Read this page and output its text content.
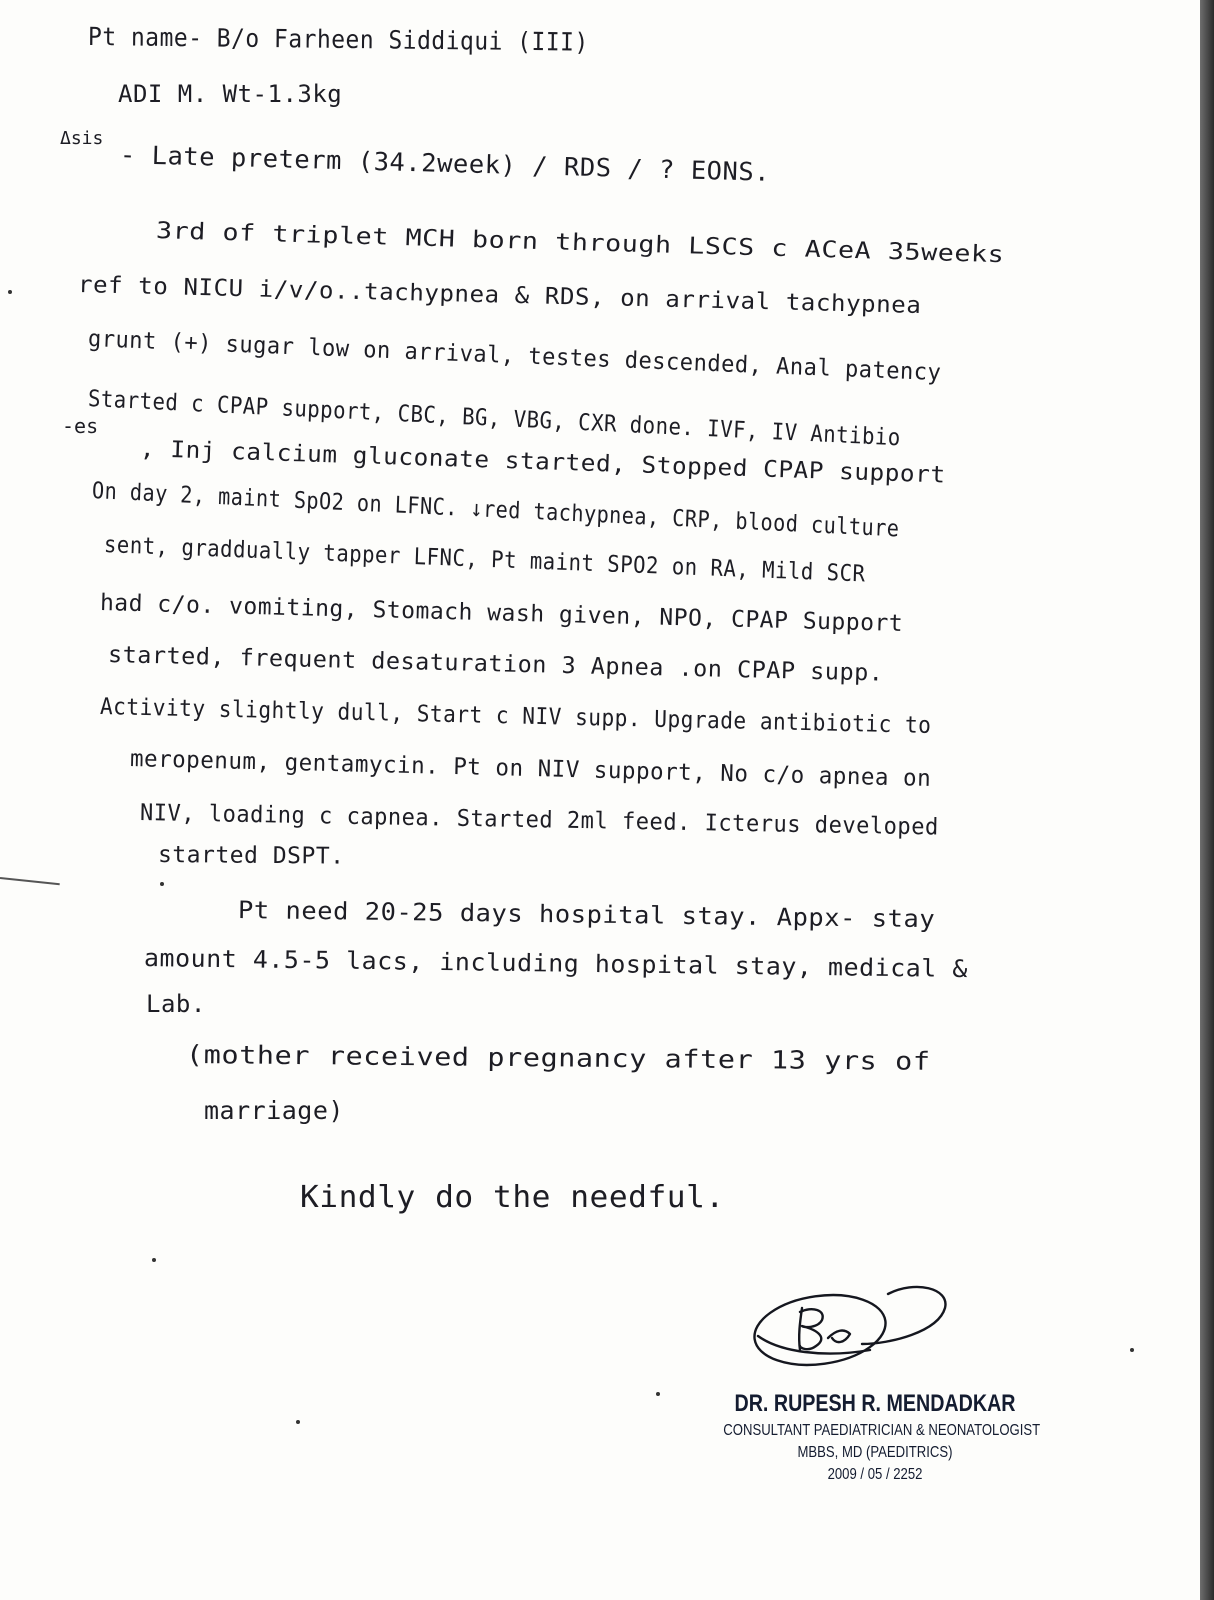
Pt name- B/o Farheen Siddiqui (III)

ADI M. Wt-1.3kg

Δsis

- Late preterm (34.2week) / RDS / ? EONS.

3rd of triplet MCH born through LSCS c ACeA 35weeks

ref to NICU i/v/o..tachypnea & RDS, on arrival tachypnea

grunt (+) sugar low on arrival, testes descended, Anal patency

Started c CPAP support, CBC, BG, VBG, CXR done. IVF, IV Antibio

-es

, Inj calcium gluconate started, Stopped CPAP support

On day 2, maint SpO2 on LFNC. ↓red tachypnea, CRP, blood culture

sent, graddually tapper LFNC, Pt maint SPO2 on RA, Mild SCR

had c/o. vomiting, Stomach wash given, NPO, CPAP Support

started, frequent desaturation 3 Apnea .on CPAP supp.

Activity slightly dull, Start c NIV supp. Upgrade antibiotic to

meropenum, gentamycin. Pt on NIV support, No c/o apnea on

NIV, loading c capnea. Started 2ml feed. Icterus developed

started DSPT.

Pt need 20-25 days hospital stay. Appx- stay

amount 4.5-5 lacs, including hospital stay, medical &

Lab.

(mother received pregnancy after 13 yrs of

marriage)

Kindly do the needful.

DR. RUPESH R. MENDADKAR

CONSULTANT PAEDIATRICIAN & NEONATOLOGIST

MBBS, MD (PAEDITRICS)

2009 / 05 / 2252
